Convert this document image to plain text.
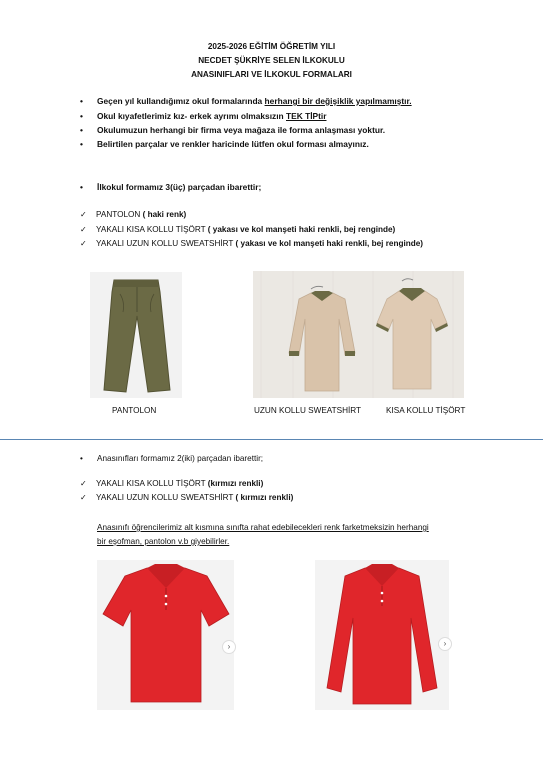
2025-2026 EĞİTİM ÖĞRETİM YILI
NECDET ŞÜKRİYE SELEN İLKOKULU
ANASINIFLARI VE İLKOKUL FORMALARI
• Geçen yıl kullandığımız okul formalarında herhangi bir değişiklik yapılmamıştır.
• Okul kıyafetlerimiz kız- erkek ayrımı olmaksızın TEK TİPtir
• Okulumuzun herhangi bir firma veya mağaza ile forma anlaşması yoktur.
• Belirtilen parçalar ve renkler haricinde lütfen okul forması almayınız.
• İlkokul formamız 3(üç) parçadan ibarettir;
✓ PANTOLON ( haki renk)
✓ YAKALI KISA KOLLU TİŞÖRT ( yakası ve kol manşeti haki renkli, bej renginde)
✓ YAKALI UZUN KOLLU SWEATSHİRT ( yakası ve kol manşeti haki renkli, bej renginde)
PANTOLON	UZUN KOLLU SWEATSHİRT	KISA KOLLU TİŞÖRT
• Anasınıfları formamız 2(iki) parçadan ibarettir;
✓ YAKALI KISA KOLLU TİŞÖRT (kırmızı renkli)
✓ YAKALI UZUN KOLLU SWEATSHİRT ( kırmızı renkli)
Anasınıfı öğrencilerimiz alt kısmına sınıfta rahat edebilecekleri renk farketmeksizin herhangi
bir eşofman, pantolon v.b giyebilirler.
›	›
